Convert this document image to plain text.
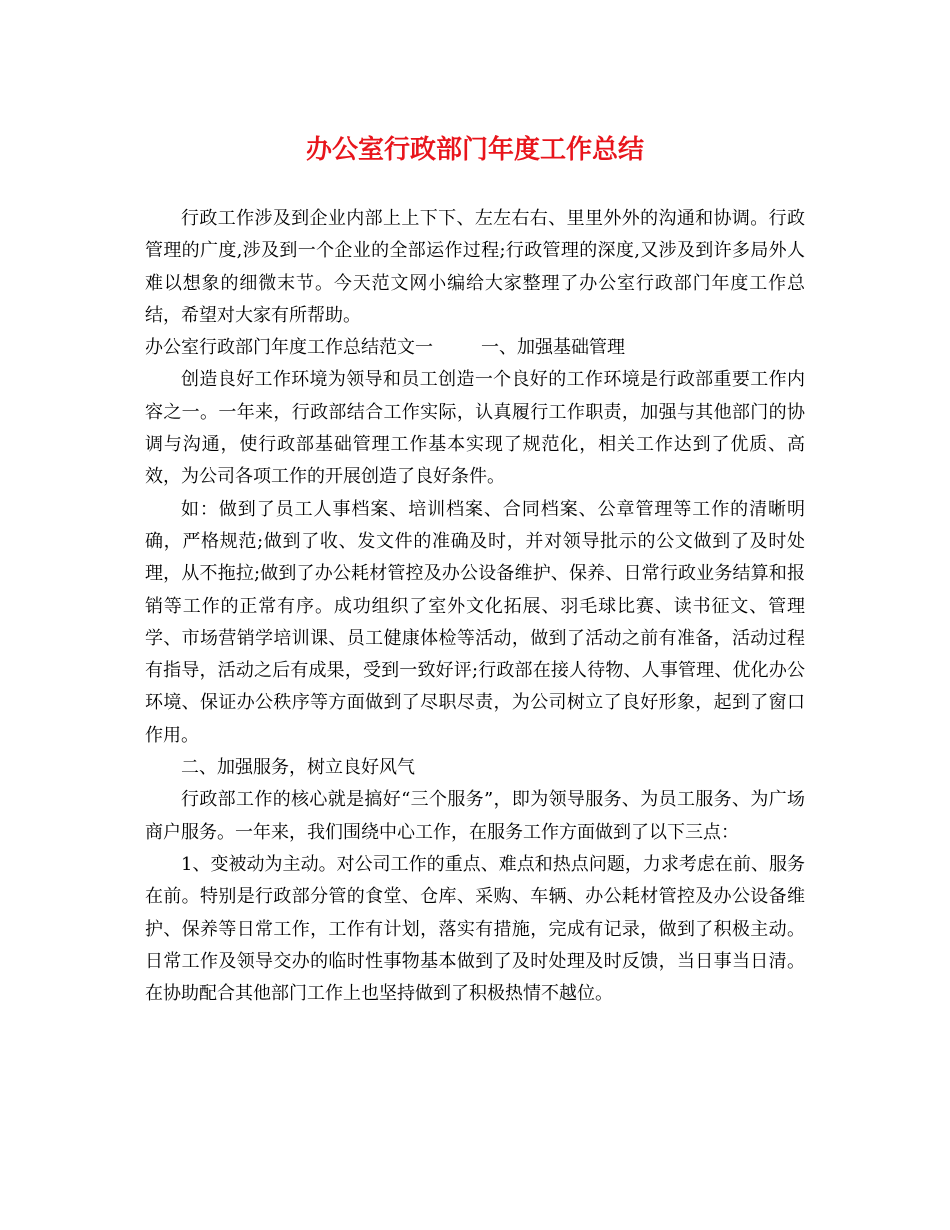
办公室行政部门年度工作总结

行政工作涉及到企业内部上上下下、左左右右、里里外外的沟通和协调。行政管理的广度,涉及到一个企业的全部运作过程;行政管理的深度,又涉及到许多局外人难以想象的细微末节。今天范文网小编给大家整理了办公室行政部门年度工作总结，希望对大家有所帮助。

办公室行政部门年度工作总结范文一	一、加强基础管理

创造良好工作环境为领导和员工创造一个良好的工作环境是行政部重要工作内容之一。一年来，行政部结合工作实际，认真履行工作职责，加强与其他部门的协调与沟通，使行政部基础管理工作基本实现了规范化，相关工作达到了优质、高效，为公司各项工作的开展创造了良好条件。

如：做到了员工人事档案、培训档案、合同档案、公章管理等工作的清晰明确，严格规范;做到了收、发文件的准确及时，并对领导批示的公文做到了及时处理，从不拖拉;做到了办公耗材管控及办公设备维护、保养、日常行政业务结算和报销等工作的正常有序。成功组织了室外文化拓展、羽毛球比赛、读书征文、管理学、市场营销学培训课、员工健康体检等活动，做到了活动之前有准备，活动过程有指导，活动之后有成果，受到一致好评;行政部在接人待物、人事管理、优化办公环境、保证办公秩序等方面做到了尽职尽责，为公司树立了良好形象，起到了窗口作用。

二、加强服务，树立良好风气

行政部工作的核心就是搞好“三个服务”，即为领导服务、为员工服务、为广场商户服务。一年来，我们围绕中心工作，在服务工作方面做到了以下三点：

1、变被动为主动。对公司工作的重点、难点和热点问题，力求考虑在前、服务在前。特别是行政部分管的食堂、仓库、采购、车辆、办公耗材管控及办公设备维护、保养等日常工作，工作有计划，落实有措施，完成有记录，做到了积极主动。日常工作及领导交办的临时性事物基本做到了及时处理及时反馈，当日事当日清。在协助配合其他部门工作上也坚持做到了积极热情不越位。
